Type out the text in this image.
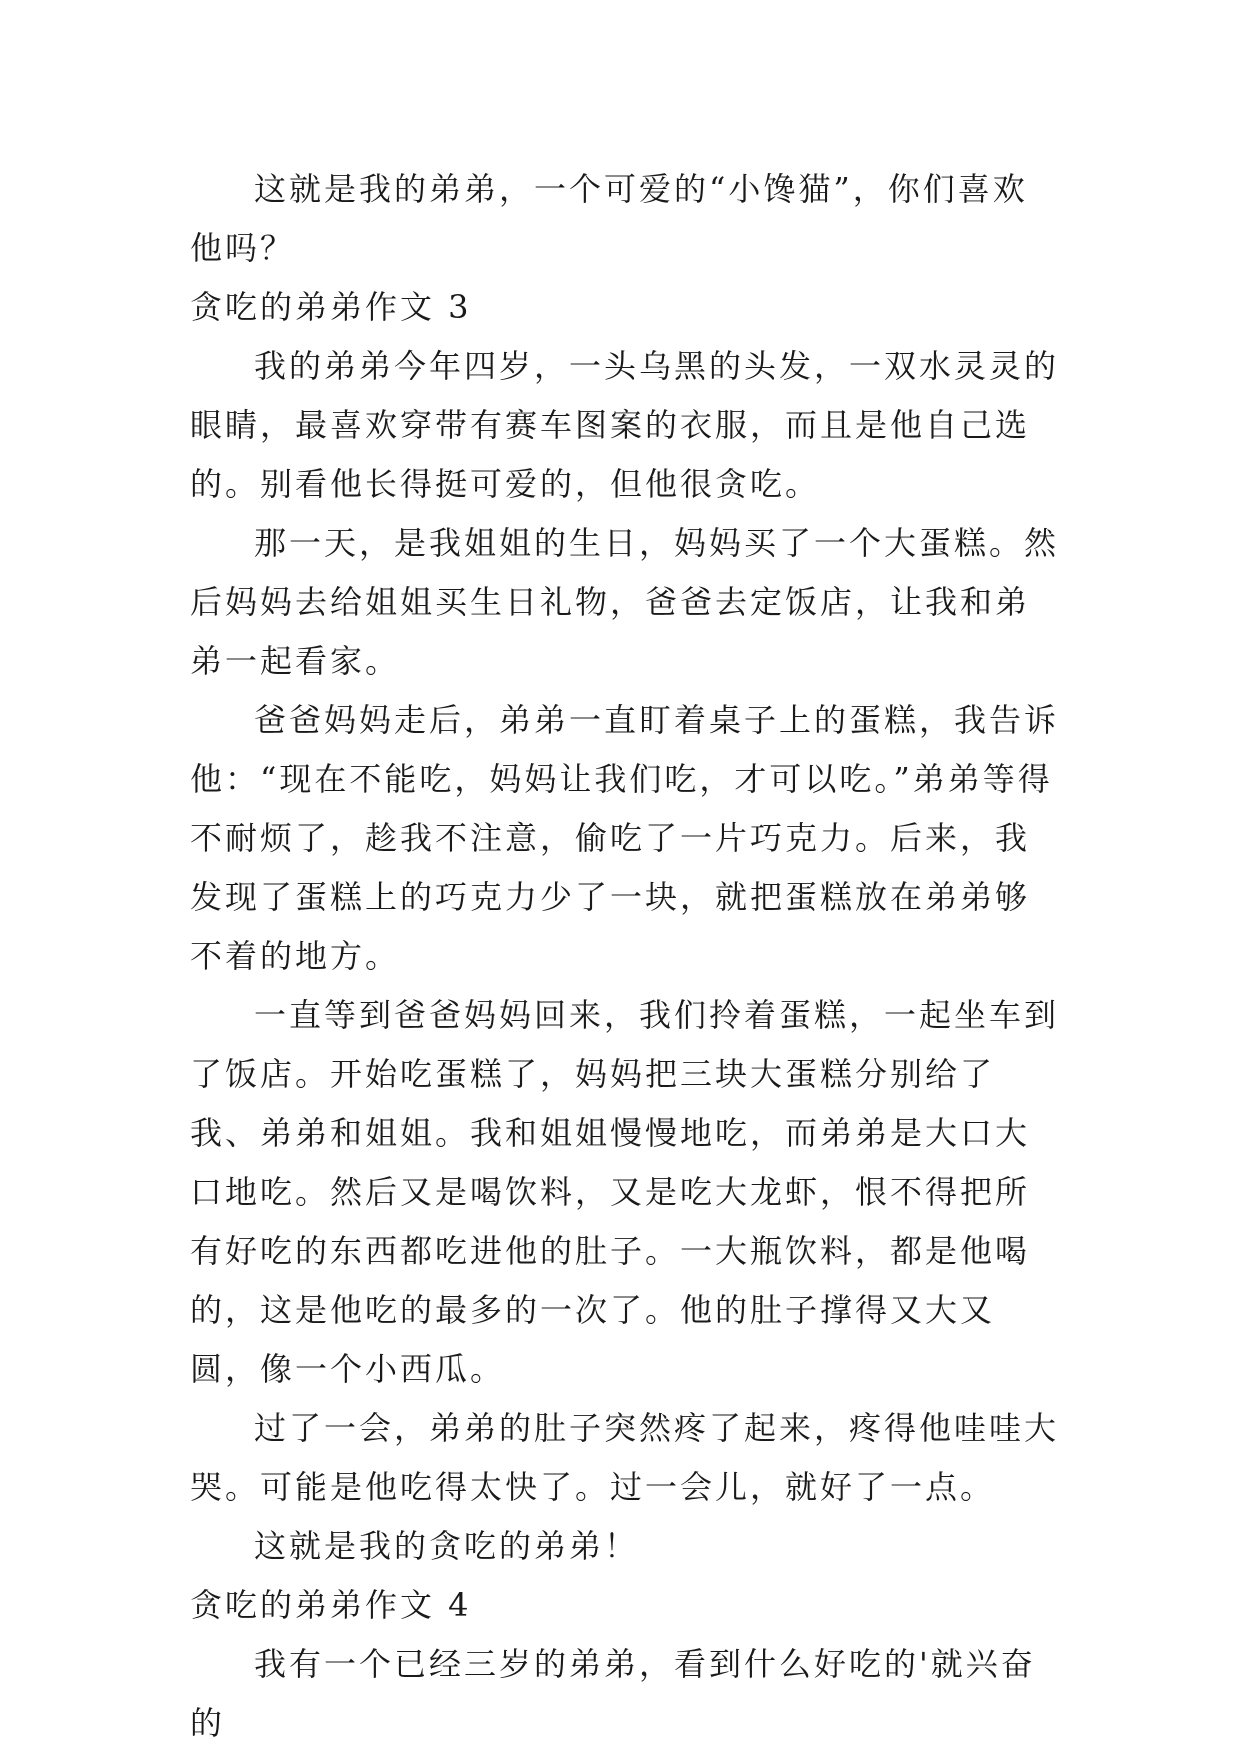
这就是我的弟弟，一个可爱的“小馋猫”，你们喜欢他吗？

贪吃的弟弟作文 3

我的弟弟今年四岁，一头乌黑的头发，一双水灵灵的眼睛，最喜欢穿带有赛车图案的衣服，而且是他自己选的。别看他长得挺可爱的，但他很贪吃。

那一天，是我姐姐的生日，妈妈买了一个大蛋糕。然后妈妈去给姐姐买生日礼物，爸爸去定饭店，让我和弟弟一起看家。

爸爸妈妈走后，弟弟一直盯着桌子上的蛋糕，我告诉他：“现在不能吃，妈妈让我们吃，才可以吃。”弟弟等得不耐烦了，趁我不注意，偷吃了一片巧克力。后来，我发现了蛋糕上的巧克力少了一块，就把蛋糕放在弟弟够不着的地方。

一直等到爸爸妈妈回来，我们拎着蛋糕，一起坐车到了饭店。开始吃蛋糕了，妈妈把三块大蛋糕分别给了我、弟弟和姐姐。我和姐姐慢慢地吃，而弟弟是大口大口地吃。然后又是喝饮料，又是吃大龙虾，恨不得把所有好吃的东西都吃进他的肚子。一大瓶饮料，都是他喝的，这是他吃的最多的一次了。他的肚子撑得又大又圆，像一个小西瓜。

过了一会，弟弟的肚子突然疼了起来，疼得他哇哇大哭。可能是他吃得太快了。过一会儿，就好了一点。

这就是我的贪吃的弟弟！

贪吃的弟弟作文 4

我有一个已经三岁的弟弟，看到什么好吃的'就兴奋的
